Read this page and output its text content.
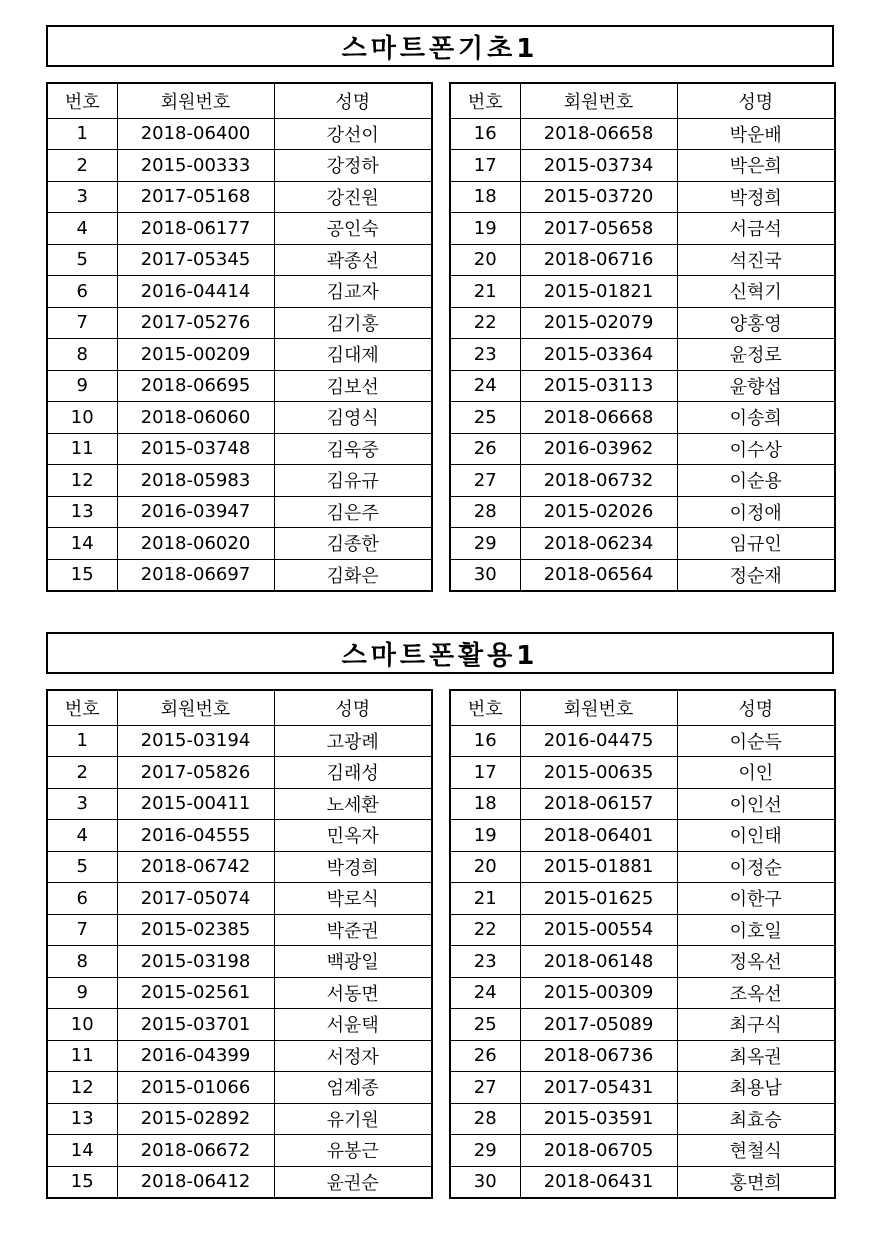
스마트폰기초1
번호	회원번호	성명
1	2018-06400	강선이
2	2015-00333	강정하
3	2017-05168	강진원
4	2018-06177	공인숙
5	2017-05345	곽종선
6	2016-04414	김교자
7	2017-05276	김기홍
8	2015-00209	김대제
9	2018-06695	김보선
10	2018-06060	김영식
11	2015-03748	김욱중
12	2018-05983	김유규
13	2016-03947	김은주
14	2018-06020	김종한
15	2018-06697	김화은
번호	회원번호	성명
16	2018-06658	박운배
17	2015-03734	박은희
18	2015-03720	박정희
19	2017-05658	서금석
20	2018-06716	석진국
21	2015-01821	신혁기
22	2015-02079	양홍영
23	2015-03364	윤정로
24	2015-03113	윤향섭
25	2018-06668	이송희
26	2016-03962	이수상
27	2018-06732	이순용
28	2015-02026	이정애
29	2018-06234	임규인
30	2018-06564	정순재
스마트폰활용1
번호	회원번호	성명
1	2015-03194	고광례
2	2017-05826	김래성
3	2015-00411	노세환
4	2016-04555	민옥자
5	2018-06742	박경희
6	2017-05074	박로식
7	2015-02385	박준권
8	2015-03198	백광일
9	2015-02561	서동면
10	2015-03701	서윤택
11	2016-04399	서정자
12	2015-01066	엄계종
13	2015-02892	유기원
14	2018-06672	유봉근
15	2018-06412	윤권순
번호	회원번호	성명
16	2016-04475	이순득
17	2015-00635	이인
18	2018-06157	이인선
19	2018-06401	이인태
20	2015-01881	이정순
21	2015-01625	이한구
22	2015-00554	이호일
23	2018-06148	정옥선
24	2015-00309	조옥선
25	2017-05089	최구식
26	2018-06736	최옥권
27	2017-05431	최용남
28	2015-03591	최효승
29	2018-06705	현철식
30	2018-06431	홍면희
